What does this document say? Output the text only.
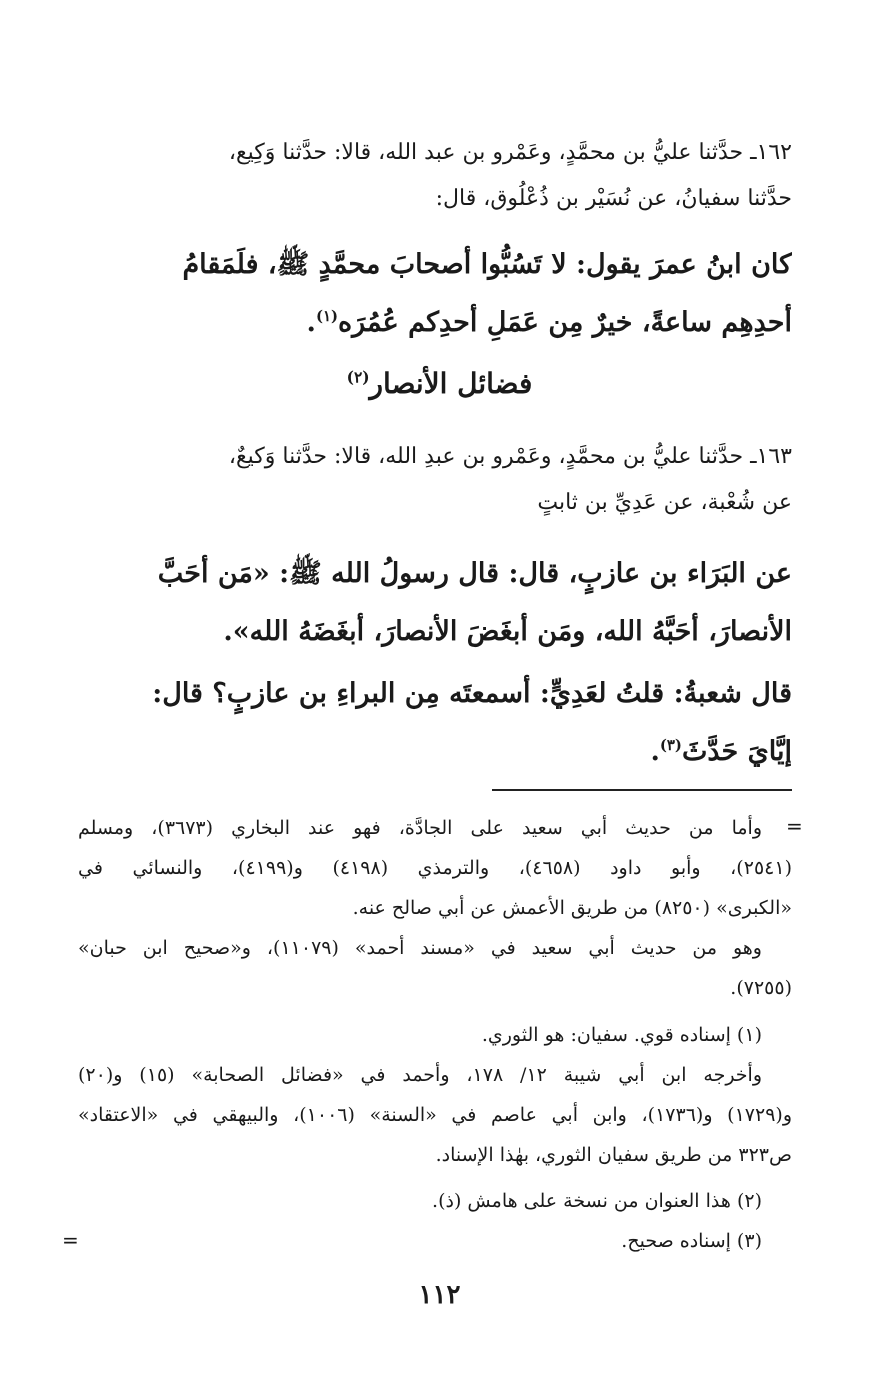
١٦٢ـ حدَّثنا عليُّ بن محمَّدٍ، وعَمْرو بن عبد الله، قالا: حدَّثنا وَكِيع،
حدَّثنا سفيانُ، عن نُسَيْر بن ذُعْلُوق، قال:
كان ابنُ عمرَ يقول: لا تَسُبُّوا أصحابَ محمَّدٍ ﷺ، فلَمَقامُ
أحدِهِم ساعةً، خيرٌ مِن عَمَلِ أحدِكم عُمُرَه$^{(١)}$.
فضائل الأنصار$^{(٢)}$
١٦٣ـ حدَّثنا عليُّ بن محمَّدٍ، وعَمْرو بن عبدِ الله، قالا: حدَّثنا وَكيعٌ،
عن شُعْبة، عن عَدِيِّ بن ثابتٍ
عن البَرَاء بن عازبٍ، قال: قال رسولُ الله ﷺ: «مَن أحَبَّ
الأنصارَ، أحَبَّهُ الله، ومَن أبغَضَ الأنصارَ، أبغَضَهُ الله».
قال شعبةُ: قلتُ لعَدِيٍّ: أسمعتَه مِن البراءِ بن عازبٍ؟ قال:
إيَّايَ حَدَّثَ$^{(٣)}$.
=
وأما من حديث أبي سعيد على الجادَّة، فهو عند البخاري (٣٦٧٣)، ومسلم
(٢٥٤١)، وأبو داود (٤٦٥٨)، والترمذي (٤١٩٨) و(٤١٩٩)، والنسائي في
«الكبرى» (٨٢٥٠) من طريق الأعمش عن أبي صالح عنه.
وهو من حديث أبي سعيد في «مسند أحمد» (١١٠٧٩)، و«صحيح ابن حبان»
(٧٢٥٥).
(١) إسناده قوي. سفيان: هو الثوري.
وأخرجه ابن أبي شيبة ١٢/ ١٧٨، وأحمد في «فضائل الصحابة» (١٥) و(٢٠)
و(١٧٢٩) و(١٧٣٦)، وابن أبي عاصم في «السنة» (١٠٠٦)، والبيهقي في «الاعتقاد»
ص٣٢٣ من طريق سفيان الثوري، بهٰذا الإسناد.
(٢) هذا العنوان من نسخة على هامش (ذ).
(٣) إسناده صحيح.
=
١١٢
